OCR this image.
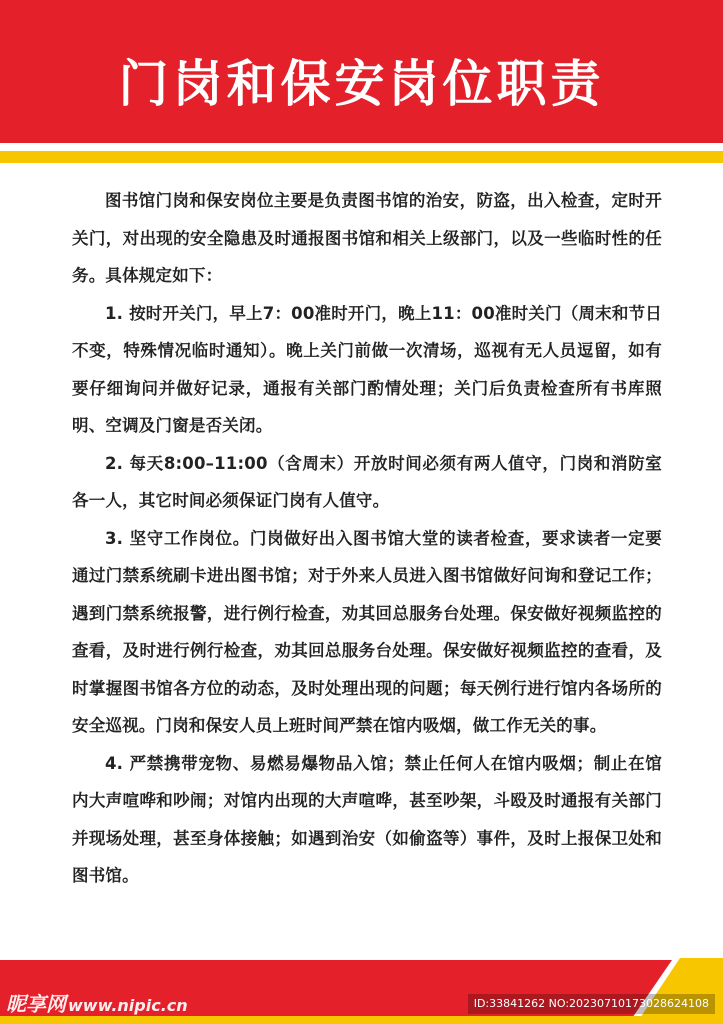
门岗和保安岗位职责

图书馆门岗和保安岗位主要是负责图书馆的治安，防盗，出入检查，定时开关门，对出现的安全隐患及时通报图书馆和相关上级部门，以及一些临时性的任务。具体规定如下：

1. 按时开关门，早上7：00准时开门，晚上11：00准时关门（周末和节日不变，特殊情况临时通知）。晚上关门前做一次清场，巡视有无人员逗留，如有要仔细询问并做好记录，通报有关部门酌情处理；关门后负责检查所有书库照明、空调及门窗是否关闭。

2. 每天8:00–11:00（含周末）开放时间必须有两人值守，门岗和消防室各一人，其它时间必须保证门岗有人值守。

3. 坚守工作岗位。门岗做好出入图书馆大堂的读者检查，要求读者一定要通过门禁系统刷卡进出图书馆；对于外来人员进入图书馆做好问询和登记工作；遇到门禁系统报警，进行例行检查，劝其回总服务台处理。保安做好视频监控的查看，及时进行例行检查，劝其回总服务台处理。保安做好视频监控的查看，及时掌握图书馆各方位的动态，及时处理出现的问题；每天例行进行馆内各场所的安全巡视。门岗和保安人员上班时间严禁在馆内吸烟，做工作无关的事。

4. 严禁携带宠物、易燃易爆物品入馆；禁止任何人在馆内吸烟；制止在馆内大声喧哗和吵闹；对馆内出现的大声喧哗，甚至吵架，斗殴及时通报有关部门并现场处理，甚至身体接触；如遇到治安（如偷盗等）事件，及时上报保卫处和图书馆。

昵享网 www.nipic.cn	ID:33841262 NO:20230710173028624108
